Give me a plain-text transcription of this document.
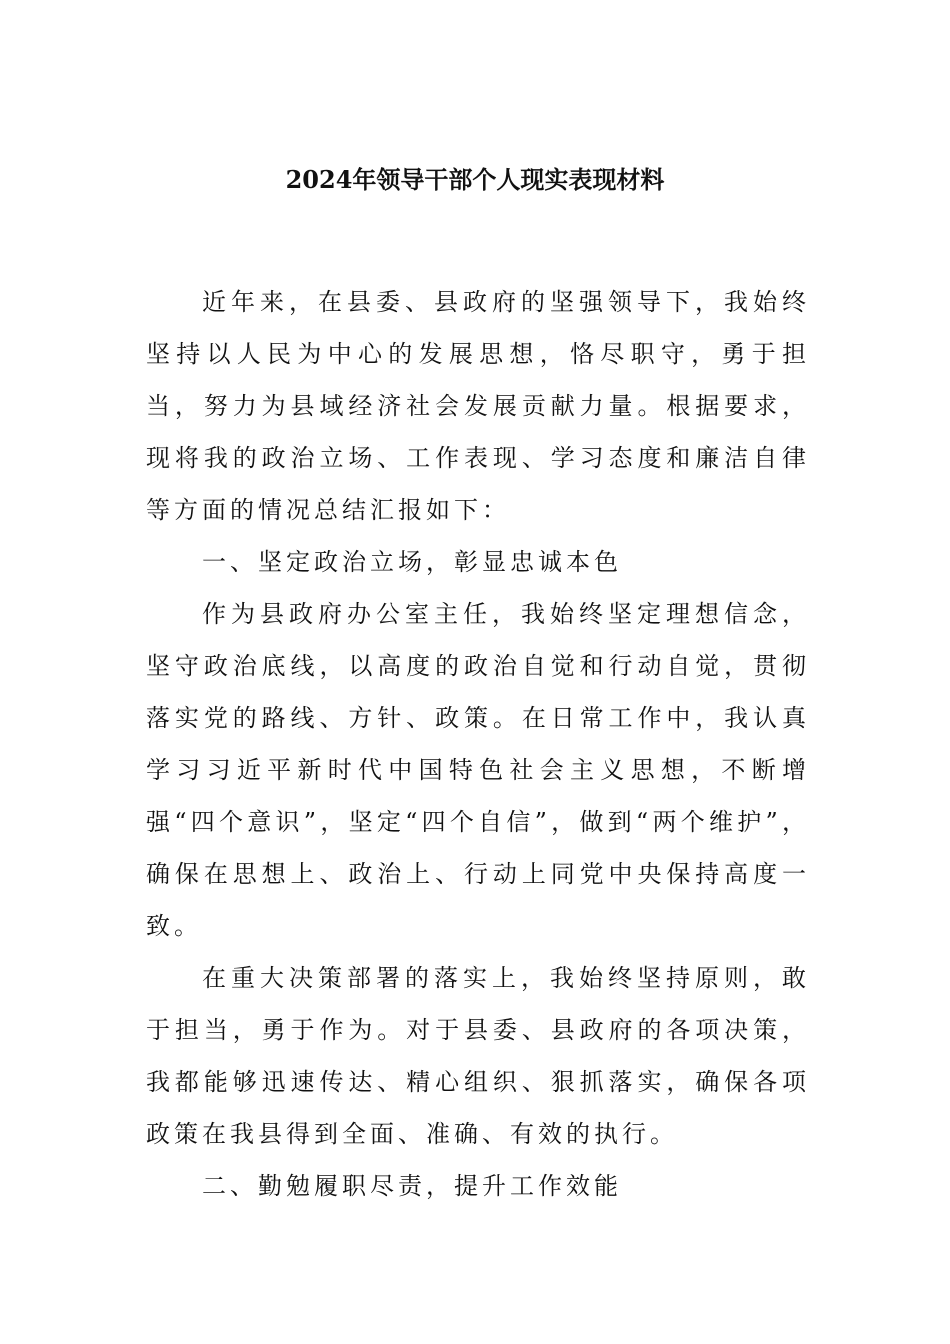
2024年领导干部个人现实表现材料

近年来，在县委、县政府的坚强领导下，我始终坚持以人民为中心的发展思想，恪尽职守，勇于担当，努力为县域经济社会发展贡献力量。根据要求，现将我的政治立场、工作表现、学习态度和廉洁自律等方面的情况总结汇报如下：

一、坚定政治立场，彰显忠诚本色

作为县政府办公室主任，我始终坚定理想信念，坚守政治底线，以高度的政治自觉和行动自觉，贯彻落实党的路线、方针、政策。在日常工作中，我认真学习习近平新时代中国特色社会主义思想，不断增强“四个意识”，坚定“四个自信”，做到“两个维护”，确保在思想上、政治上、行动上同党中央保持高度一致。

在重大决策部署的落实上，我始终坚持原则，敢于担当，勇于作为。对于县委、县政府的各项决策，我都能够迅速传达、精心组织、狠抓落实，确保各项政策在我县得到全面、准确、有效的执行。

二、勤勉履职尽责，提升工作效能
